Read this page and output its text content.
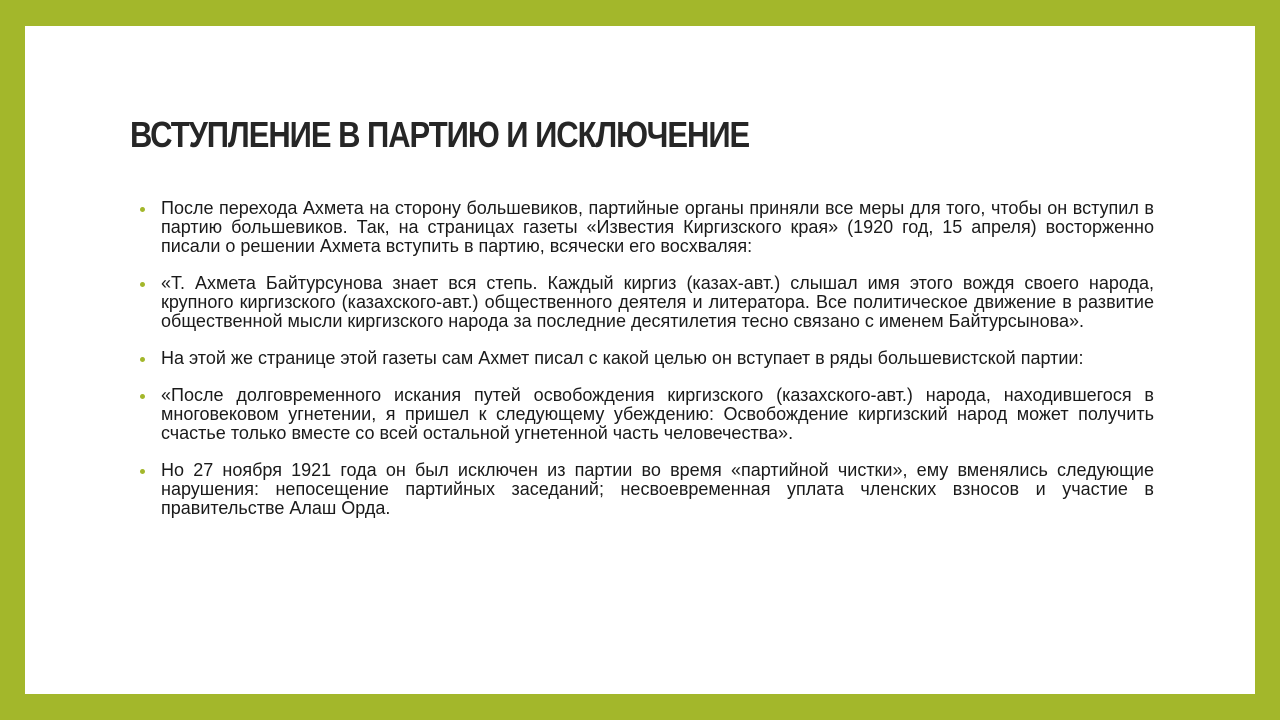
ВСТУПЛЕНИЕ В ПАРТИЮ И ИСКЛЮЧЕНИЕ
После перехода Ахмета на сторону большевиков, партийные органы приняли все меры для того, чтобы он вступил в партию большевиков. Так, на страницах газеты «Известия Киргизского края» (1920 год, 15 апреля) восторженно писали о решении Ахмета вступить в партию, всячески его восхваляя:
«Т. Ахмета Байтурсунова знает вся степь. Каждый киргиз (казах-авт.) слышал имя этого вождя своего народа, крупного киргизского (казахского-авт.) общественного деятеля и литератора. Все политическое движение в развитие общественной мысли киргизского народа за последние десятилетия тесно связано с именем Байтурсынова».
На этой же странице этой газеты сам Ахмет писал с какой целью он вступает в ряды большевистской партии:
«После долговременного искания путей освобождения киргизского (казахского-авт.) народа, находившегося в многовековом угнетении, я пришел к следующему убеждению: Освобождение киргизский народ может получить счастье только вместе со всей остальной угнетенной часть человечества».
Но 27 ноября 1921 года он был исключен из партии во время «партийной чистки», ему вменялись следующие нарушения: непосещение партийных заседаний; несвоевременная уплата членских взносов и участие в правительстве Алаш Орда.
